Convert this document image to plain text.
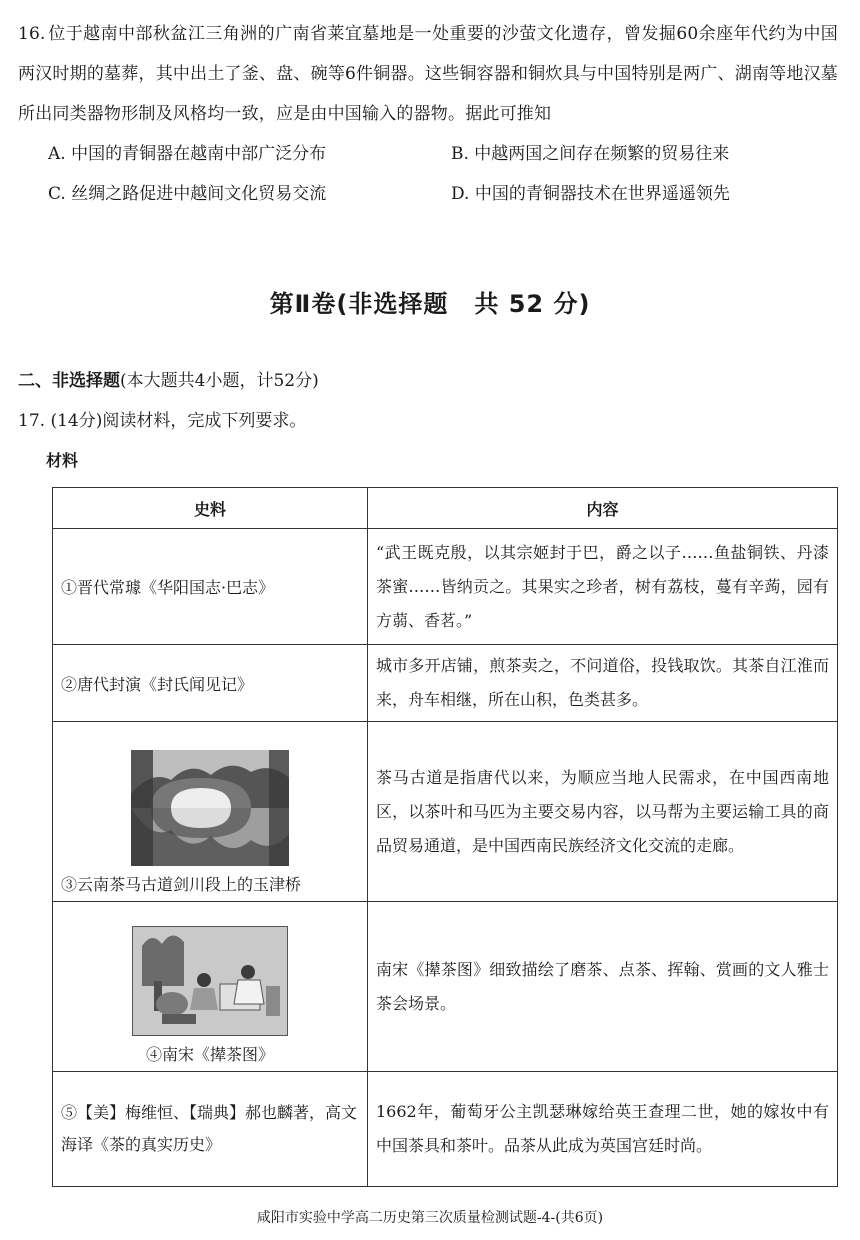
16. 位于越南中部秋盆江三角洲的广南省莱宜墓地是一处重要的沙萤文化遗存，曾发掘60余座年代约为中国两汉时期的墓葬，其中出土了釜、盘、碗等6件铜器。这些铜容器和铜炊具与中国特别是两广、湖南等地汉墓所出同类器物形制及风格均一致，应是由中国输入的器物。据此可推知

A. 中国的青铜器在越南中部广泛分布	B. 中越两国之间存在频繁的贸易往来
C. 丝绸之路促进中越间文化贸易交流	D. 中国的青铜器技术在世界遥遥领先
第Ⅱ卷(非选择题 共 52 分)
二、非选择题(本大题共4小题，计52分)
17. (14分)阅读材料，完成下列要求。
材料
史料	内容
①晋代常璩《华阳国志·巴志》	“武王既克殷，以其宗姬封于巴，爵之以子……鱼盐铜铁、丹漆茶蜜……皆纳贡之。其果实之珍者，树有荔枝，蔓有辛蒟，园有方蒻、香茗。”
②唐代封演《封氏闻见记》	城市多开店铺，煎茶卖之，不问道俗，投钱取饮。其茶自江淮而来，舟车相继，所在山积，色类甚多。

③云南茶马古道剑川段上的玉津桥	茶马古道是指唐代以来，为顺应当地人民需求，在中国西南地区，以茶叶和马匹为主要交易内容，以马帮为主要运输工具的商品贸易通道，是中国西南民族经济文化交流的走廊。

④南宋《撵茶图》	南宋《撵茶图》细致描绘了磨茶、点茶、挥翰、赏画的文人雅士茶会场景。
⑤【美】梅维恒、【瑞典】郝也麟著，高文海译《茶的真实历史》	1662年，葡萄牙公主凯瑟琳嫁给英王查理二世，她的嫁妆中有中国茶具和茶叶。品茶从此成为英国宫廷时尚。
咸阳市实验中学高二历史第三次质量检测试题-4-(共6页)
